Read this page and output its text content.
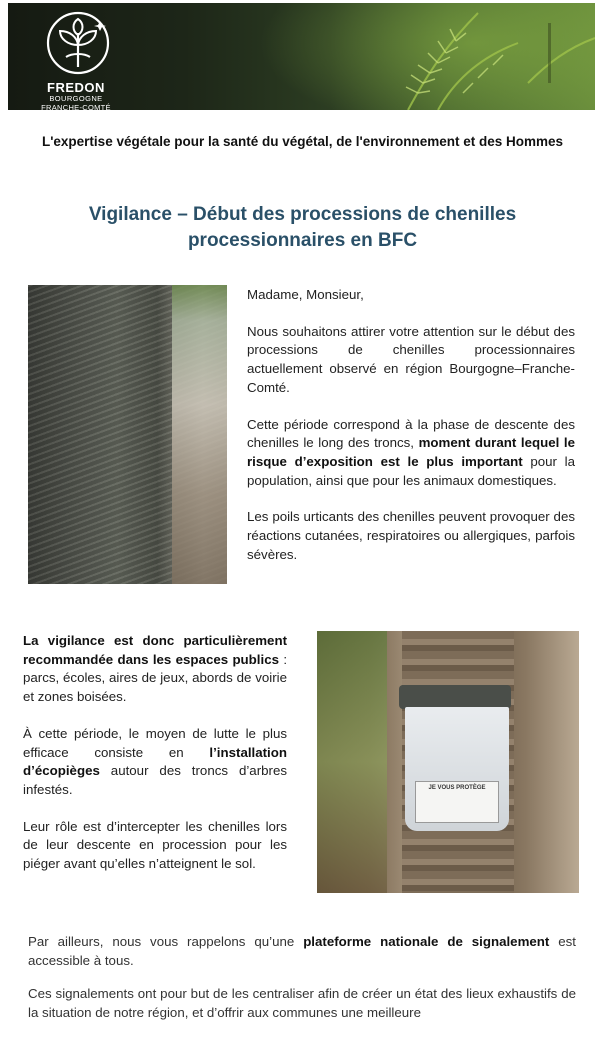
FREDON
BOURGOGNE
FRANCHE-COMTÉ
L'expertise végétale pour la santé du végétal, de l'environnement et des Hommes
Vigilance – Début des processions de chenilles processionnaires en BFC

Madame, Monsieur,

Nous souhaitons attirer votre attention sur le début des processions de chenilles processionnaires actuellement observé en région Bourgogne–Franche-Comté.

Cette période correspond à la phase de descente des chenilles le long des troncs, moment durant lequel le risque d’exposition est le plus important pour la population, ainsi que pour les animaux domestiques.

Les poils urticants des chenilles peuvent provoquer des réactions cutanées, respiratoires ou allergiques, parfois sévères.

La vigilance est donc particulièrement recommandée dans les espaces publics : parcs, écoles, aires de jeux, abords de voirie et zones boisées.

À cette période, le moyen de lutte le plus efficace consiste en l’installation d’écopièges autour des troncs d’arbres infestés.

Leur rôle est d’intercepter les chenilles lors de leur descente en procession pour les piéger avant qu’elles n’atteignent le sol.

JE VOUS PROTÈGE

Par ailleurs, nous vous rappelons qu’une plateforme nationale de signalement est accessible à tous.

Ces signalements ont pour but de les centraliser afin de créer un état des lieux exhaustifs de la situation de notre région, et d’offrir aux communes une meilleure
